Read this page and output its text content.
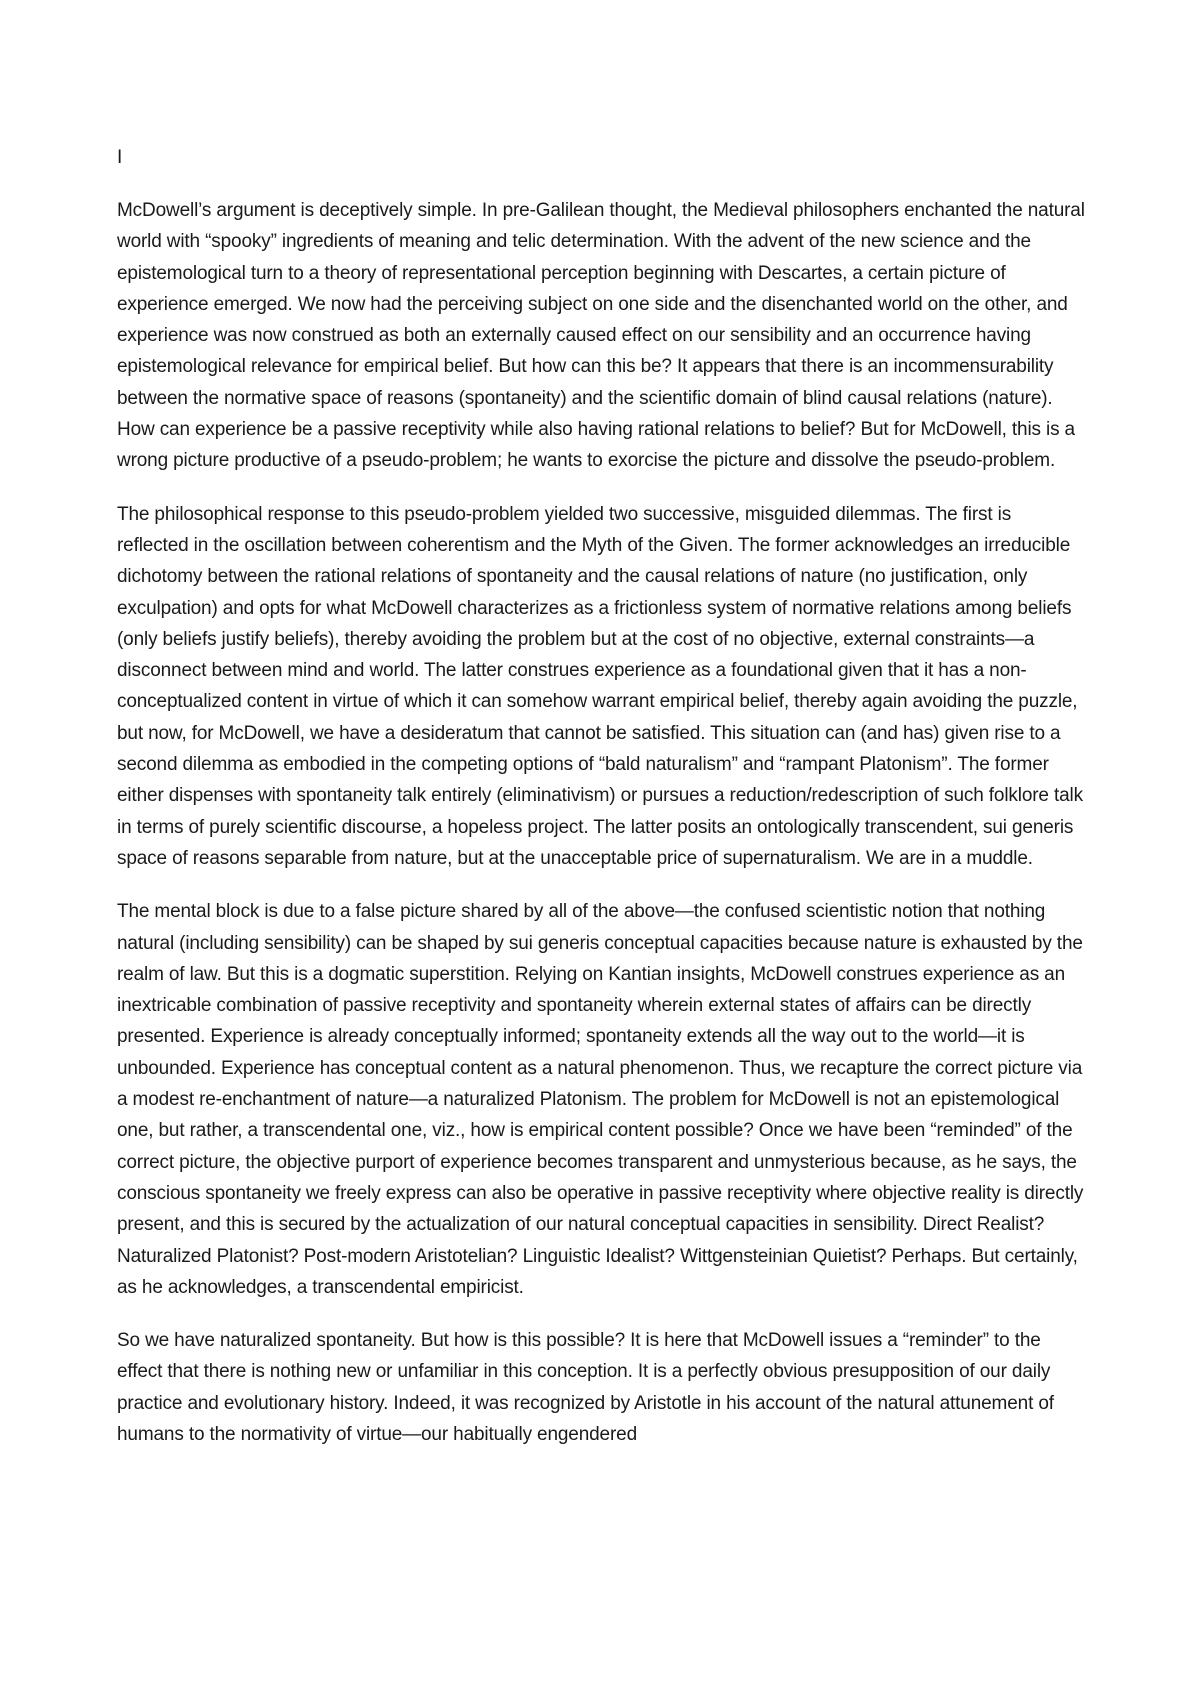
I

McDowell’s argument is deceptively simple. In pre-Galilean thought, the Medieval philosophers enchanted the natural world with “spooky” ingredients of meaning and telic determination. With the advent of the new science and the epistemological turn to a theory of representational perception beginning with Descartes, a certain picture of experience emerged. We now had the perceiving subject on one side and the disenchanted world on the other, and experience was now construed as both an externally caused effect on our sensibility and an occurrence having epistemological relevance for empirical belief. But how can this be? It appears that there is an incommensurability between the normative space of reasons (spontaneity) and the scientific domain of blind causal relations (nature). How can experience be a passive receptivity while also having rational relations to belief? But for McDowell, this is a wrong picture productive of a pseudo-problem; he wants to exorcise the picture and dissolve the pseudo-problem.

The philosophical response to this pseudo-problem yielded two successive, misguided dilemmas. The first is reflected in the oscillation between coherentism and the Myth of the Given. The former acknowledges an irreducible dichotomy between the rational relations of spontaneity and the causal relations of nature (no justification, only exculpation) and opts for what McDowell characterizes as a frictionless system of normative relations among beliefs (only beliefs justify beliefs), thereby avoiding the problem but at the cost of no objective, external constraints—a disconnect between mind and world. The latter construes experience as a foundational given that it has a non-conceptualized content in virtue of which it can somehow warrant empirical belief, thereby again avoiding the puzzle, but now, for McDowell, we have a desideratum that cannot be satisfied. This situation can (and has) given rise to a second dilemma as embodied in the competing options of “bald naturalism” and “rampant Platonism”. The former either dispenses with spontaneity talk entirely (eliminativism) or pursues a reduction/redescription of such folklore talk in terms of purely scientific discourse, a hopeless project. The latter posits an ontologically transcendent, sui generis space of reasons separable from nature, but at the unacceptable price of supernaturalism. We are in a muddle.

The mental block is due to a false picture shared by all of the above—the confused scientistic notion that nothing natural (including sensibility) can be shaped by sui generis conceptual capacities because nature is exhausted by the realm of law. But this is a dogmatic superstition. Relying on Kantian insights, McDowell construes experience as an inextricable combination of passive receptivity and spontaneity wherein external states of affairs can be directly presented. Experience is already conceptually informed; spontaneity extends all the way out to the world—it is unbounded. Experience has conceptual content as a natural phenomenon. Thus, we recapture the correct picture via a modest re-enchantment of nature—a naturalized Platonism. The problem for McDowell is not an epistemological one, but rather, a transcendental one, viz., how is empirical content possible? Once we have been “reminded” of the correct picture, the objective purport of experience becomes transparent and unmysterious because, as he says, the conscious spontaneity we freely express can also be operative in passive receptivity where objective reality is directly present, and this is secured by the actualization of our natural conceptual capacities in sensibility. Direct Realist? Naturalized Platonist? Post-modern Aristotelian? Linguistic Idealist? Wittgensteinian Quietist? Perhaps. But certainly, as he acknowledges, a transcendental empiricist.

So we have naturalized spontaneity. But how is this possible? It is here that McDowell issues a “reminder” to the effect that there is nothing new or unfamiliar in this conception. It is a perfectly obvious presupposition of our daily practice and evolutionary history. Indeed, it was recognized by Aristotle in his account of the natural attunement of humans to the normativity of virtue—our habitually engendered
